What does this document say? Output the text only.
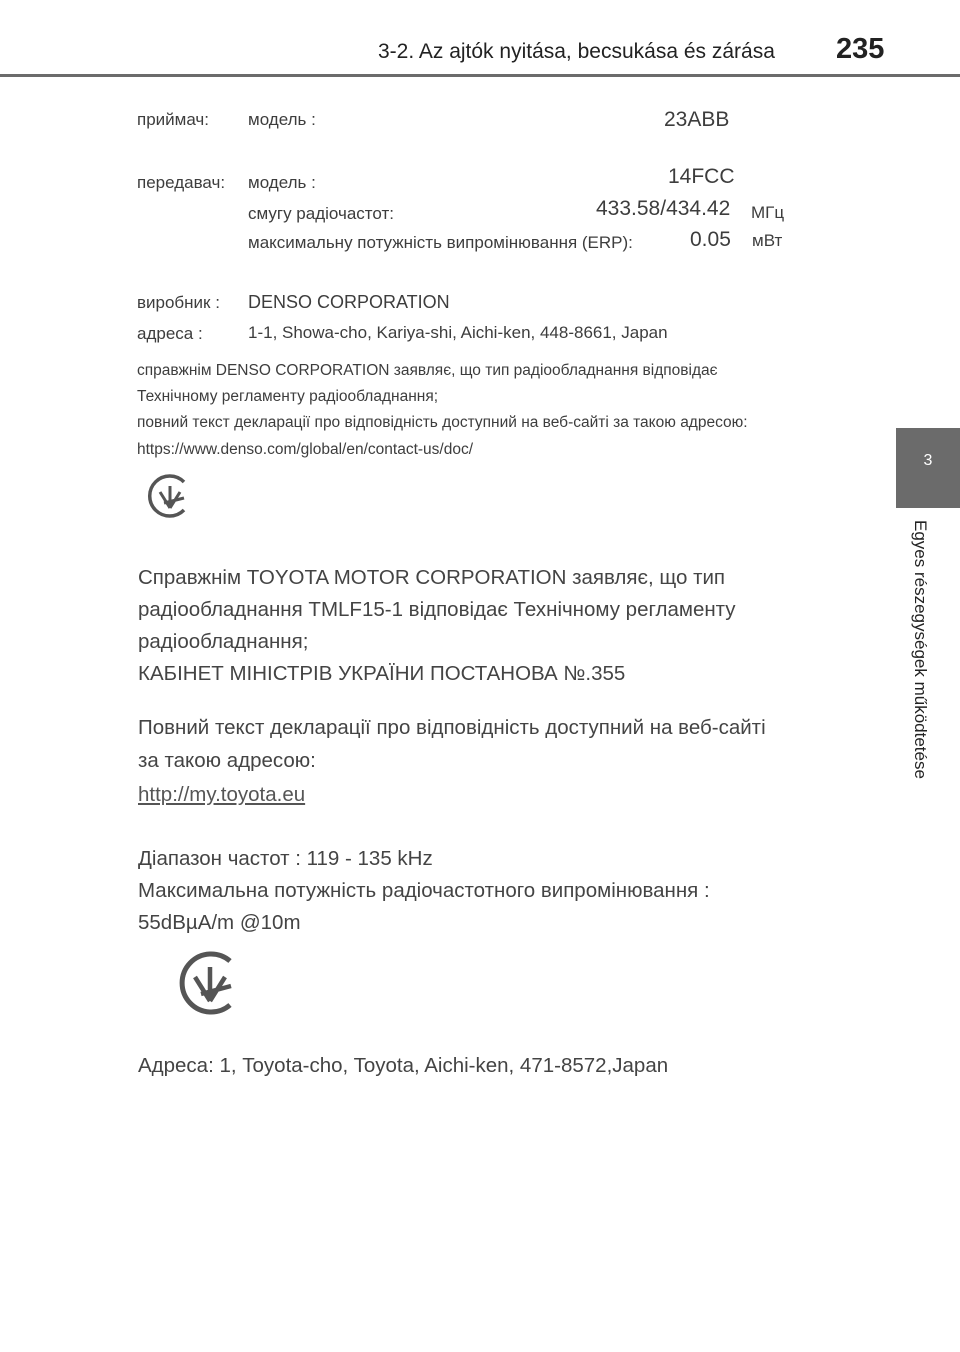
3-2. Az ajtók nyitása, becsukása és zárása 235
3
Egyes részegységek működtetése
приймач: модель :	23ABB
передавач: модель :	14FCC
смугу радіочастот:	433.58/434.42 МГц
максимальну потужність випромінювання (ERP):	0.05 мВт
виробник : DENSO CORPORATION
адреса :	1-1, Showa-cho, Kariya-shi, Aichi-ken, 448-8661, Japan
справжнім DENSO CORPORATION заявляє, що тип радіообладнання відповідає
Технічному регламенту радіообладнання;
повний текст декларації про відповідність доступний на веб-сайті за такою адресою:
https://www.denso.com/global/en/contact-us/doc/
Справжнім TOYOTA MOTOR CORPORATION заявляє, що тип
радіообладнання TMLF15-1 відповідає Технічному регламенту
радіообладнання;
КАБІНЕТ МІНІСТРІВ УКРАЇНИ ПОСТАНОВА №.355
Повний текст декларації про відповідність доступний на веб-сайті
за такою адресою:
http://my.toyota.eu
Діапазон частот : 119 - 135 kHz
Максимальна потужність радіочастотного випромінювання :
55dBµA/m @10m
Адреса: 1, Toyota-cho, Toyota, Aichi-ken, 471-8572,Japan
